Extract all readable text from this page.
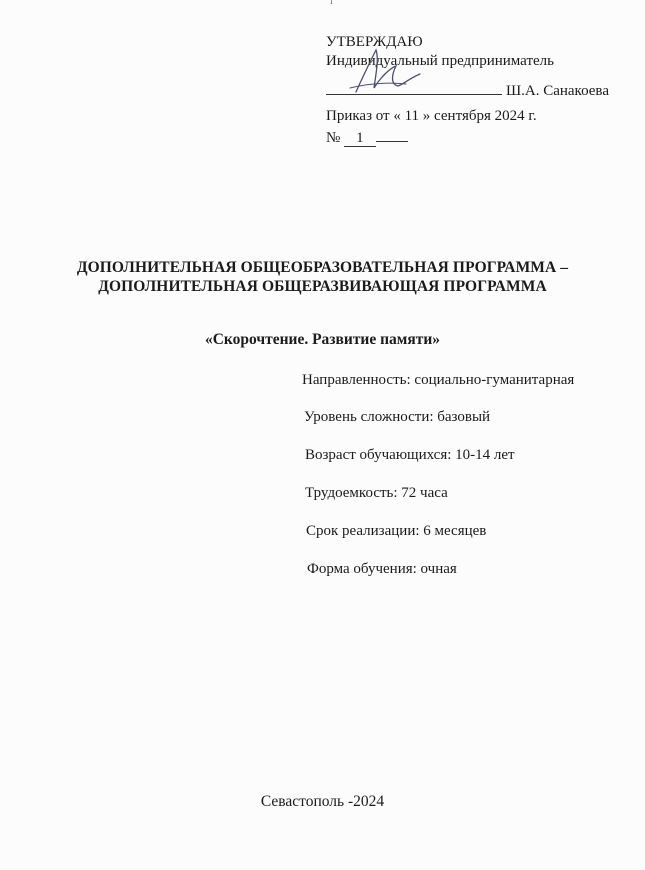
ı
УТВЕРЖДАЮ
Индивидуальный предприниматель
Ш.А. Санакоева
Приказ от « 11 » сентября 2024 г.
№ 1
ДОПОЛНИТЕЛЬНАЯ ОБЩЕОБРАЗОВАТЕЛЬНАЯ ПРОГРАММА –
ДОПОЛНИТЕЛЬНАЯ ОБЩЕРАЗВИВАЮЩАЯ ПРОГРАММА
«Скорочтение. Развитие памяти»
Направленность: социально-гуманитарная
Уровень сложности: базовый
Возраст обучающихся: 10-14 лет
Трудоемкость: 72 часа
Срок реализации: 6 месяцев
Форма обучения: очная
Севастополь -2024
